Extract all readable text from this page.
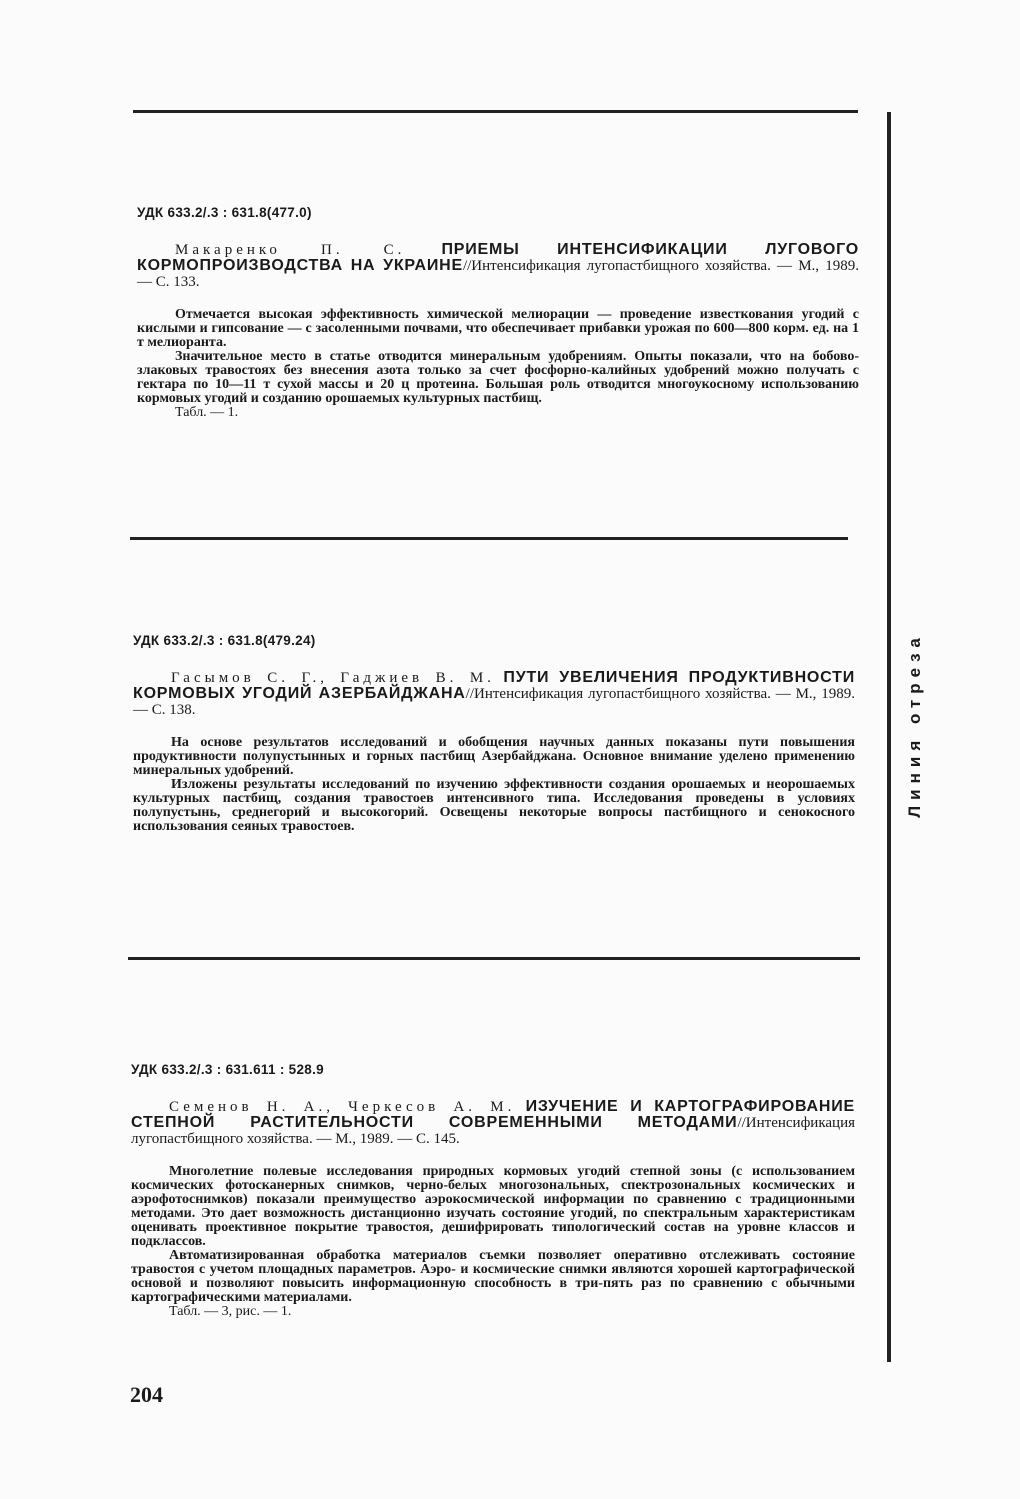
Линия отреза
УДК 633.2/.3 : 631.8(477.0)
Макаренко П. С. ПРИЕМЫ ИНТЕНСИФИКАЦИИ ЛУГОВОГО КОРМОПРОИЗВОДСТВА НА УКРАИНЕ//Интенсификация лугопастбищного хозяйства. — М., 1989. — С. 133.

Отмечается высокая эффективность химической мелиорации — проведение известкования угодий с кислыми и гипсование — с засоленными почвами, что обеспечивает прибавки урожая по 600—800 корм. ед. на 1 т мелиоранта.

Значительное место в статье отводится минеральным удобрениям. Опыты показали, что на бобово-злаковых травостоях без внесения азота только за счет фосфорно-калийных удобрений можно получать с гектара по 10—11 т сухой массы и 20 ц протеина. Большая роль отводится многоукосному использованию кормовых угодий и созданию орошаемых культурных пастбищ.

Табл. — 1.
УДК 633.2/.3 : 631.8(479.24)
Гасымов С. Г., Гаджиев В. М. ПУТИ УВЕЛИЧЕНИЯ ПРОДУКТИВНОСТИ КОРМОВЫХ УГОДИЙ АЗЕРБАЙДЖАНА//Интенсификация лугопастбищного хозяйства. — М., 1989. — С. 138.

На основе результатов исследований и обобщения научных данных показаны пути повышения продуктивности полупустынных и горных пастбищ Азербайджана. Основное внимание уделено применению минеральных удобрений.

Изложены результаты исследований по изучению эффективности создания орошаемых и неорошаемых культурных пастбищ, создания травостоев интенсивного типа. Исследования проведены в условиях полупустынь, среднегорий и высокогорий. Освещены некоторые вопросы пастбищного и сенокосного использования сеяных травостоев.

УДК 633.2/.3 : 631.611 : 528.9
Семенов Н. А., Черкесов А. М. ИЗУЧЕНИЕ И КАРТОГРАФИРОВАНИЕ СТЕПНОЙ РАСТИТЕЛЬНОСТИ СОВРЕМЕННЫМИ МЕТОДАМИ//Интенсификация лугопастбищного хозяйства. — М., 1989. — С. 145.

Многолетние полевые исследования природных кормовых угодий степной зоны (с использованием космических фотосканерных снимков, черно-белых многозональных, спектрозональных космических и аэрофотоснимков) показали преимущество аэрокосмической информации по сравнению с традиционными методами. Это дает возможность дистанционно изучать состояние угодий, по спектральным характеристикам оценивать проективное покрытие травостоя, дешифрировать типологический состав на уровне классов и подклассов.

Автоматизированная обработка материалов съемки позволяет оперативно отслеживать состояние травостоя с учетом площадных параметров. Аэро- и космические снимки являются хорошей картографической основой и позволяют повысить информационную способность в три-пять раз по сравнению с обычными картографическими материалами.

Табл. — 3, рис. — 1.
204
